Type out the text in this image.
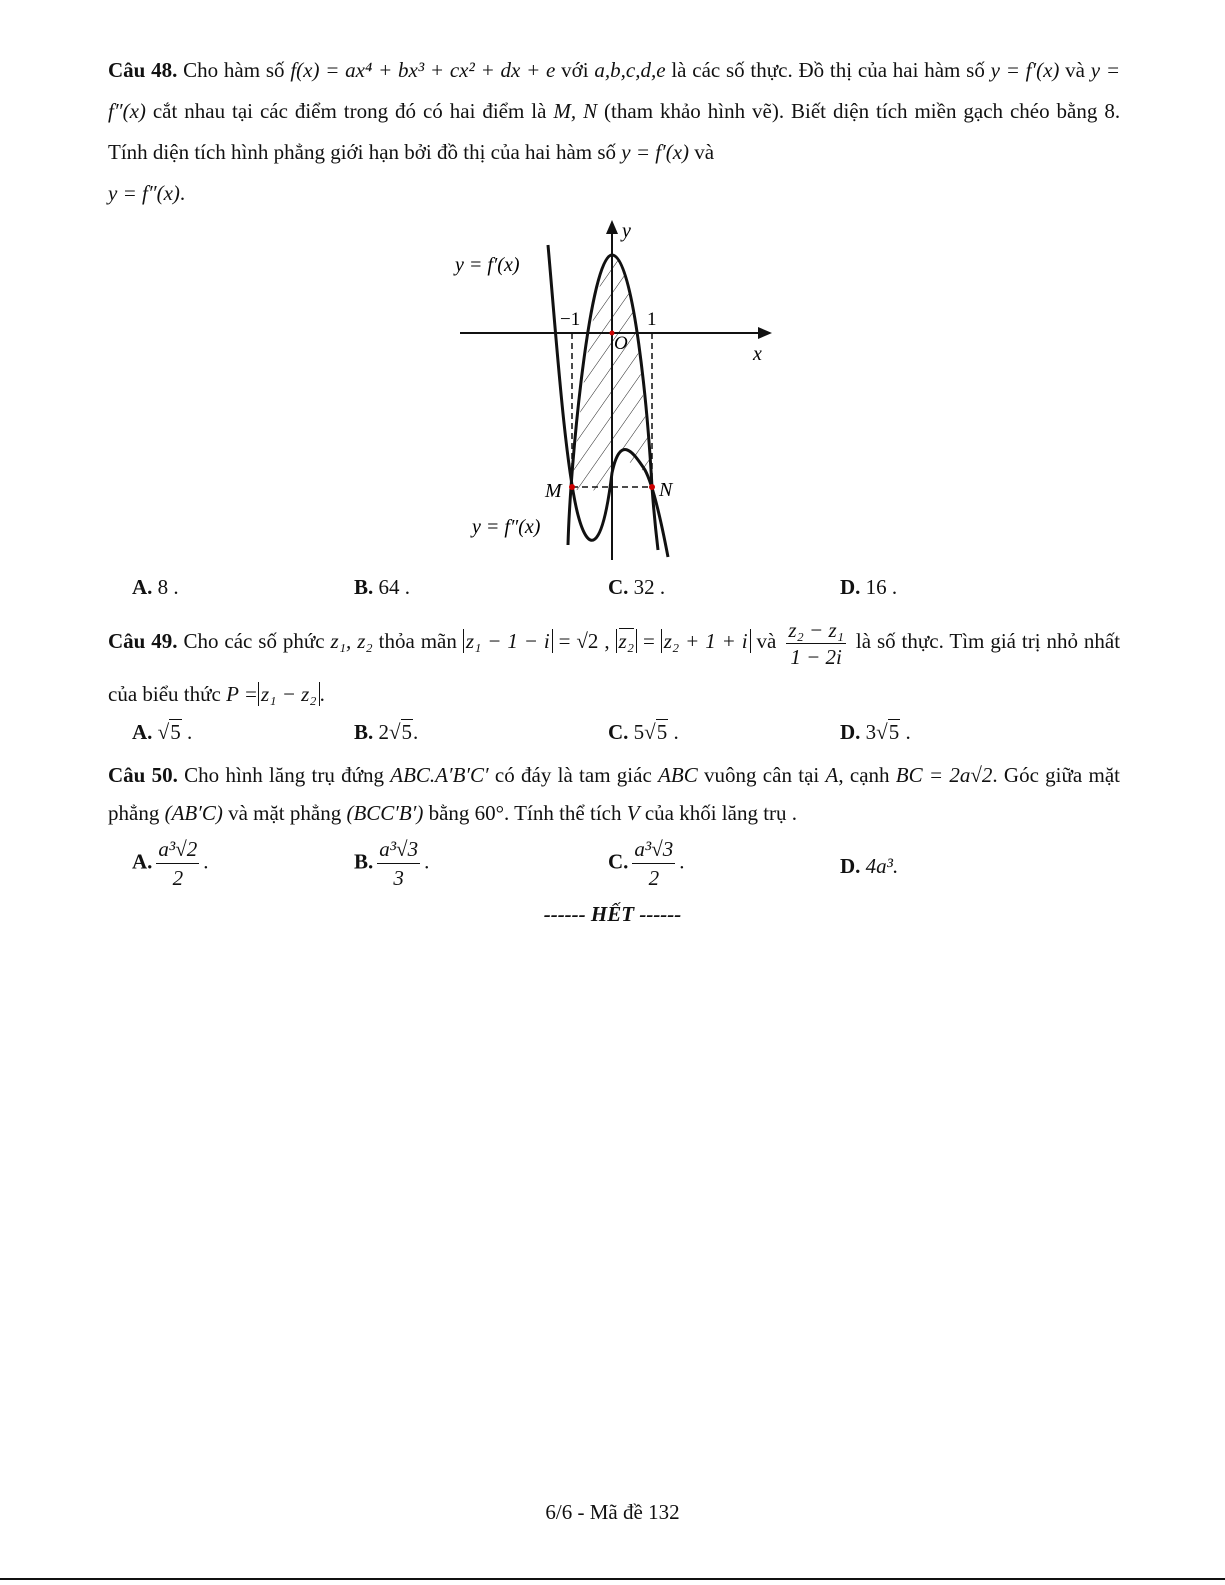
Câu 48. Cho hàm số f(x) = ax⁴ + bx³ + cx² + dx + e với a,b,c,d,e là các số thực. Đồ thị của hai hàm số y = f′(x) và y = f″(x) cắt nhau tại các điểm trong đó có hai điểm là M, N (tham khảo hình vẽ). Biết diện tích miền gạch chéo bằng 8. Tính diện tích hình phẳng giới hạn bởi đồ thị của hai hàm số y = f′(x) và
y = f″(x).
y = f′(x)
y = f″(x)
y
x
O
−1	1
M	N
A. 8 .	B. 64 .	C. 32 .	D. 16 .
Câu 49. Cho các số phức z₁, z₂ thỏa mãn z₁ − 1 − i = √2 , z₂ = z₂ + 1 + i và $\frac{\text{z₂ − z₁}}{1 - 2i}$ là số thực. Tìm giá trị nhỏ nhất của biểu thức P = z₁ − z₂ .
A. √5 .	B. 2√5.	C. 5√5 .	D. 3√5 .
Câu 50. Cho hình lăng trụ đứng ABC.A′B′C′ có đáy là tam giác ABC vuông cân tại A, cạnh BC = 2a√2. Góc giữa mặt phẳng (AB′C) và mặt phẳng (BCC′B′) bằng 60°. Tính thể tích V của khối lăng trụ .
A. $\frac{\text{a³√2}}{2}$ .	B. $\frac{\text{a³√3}}{3}$ .	C. $\frac{\text{a³√3}}{2}$ .	D. 4a³.
------ HẾT ------
6/6 - Mã đề 132
